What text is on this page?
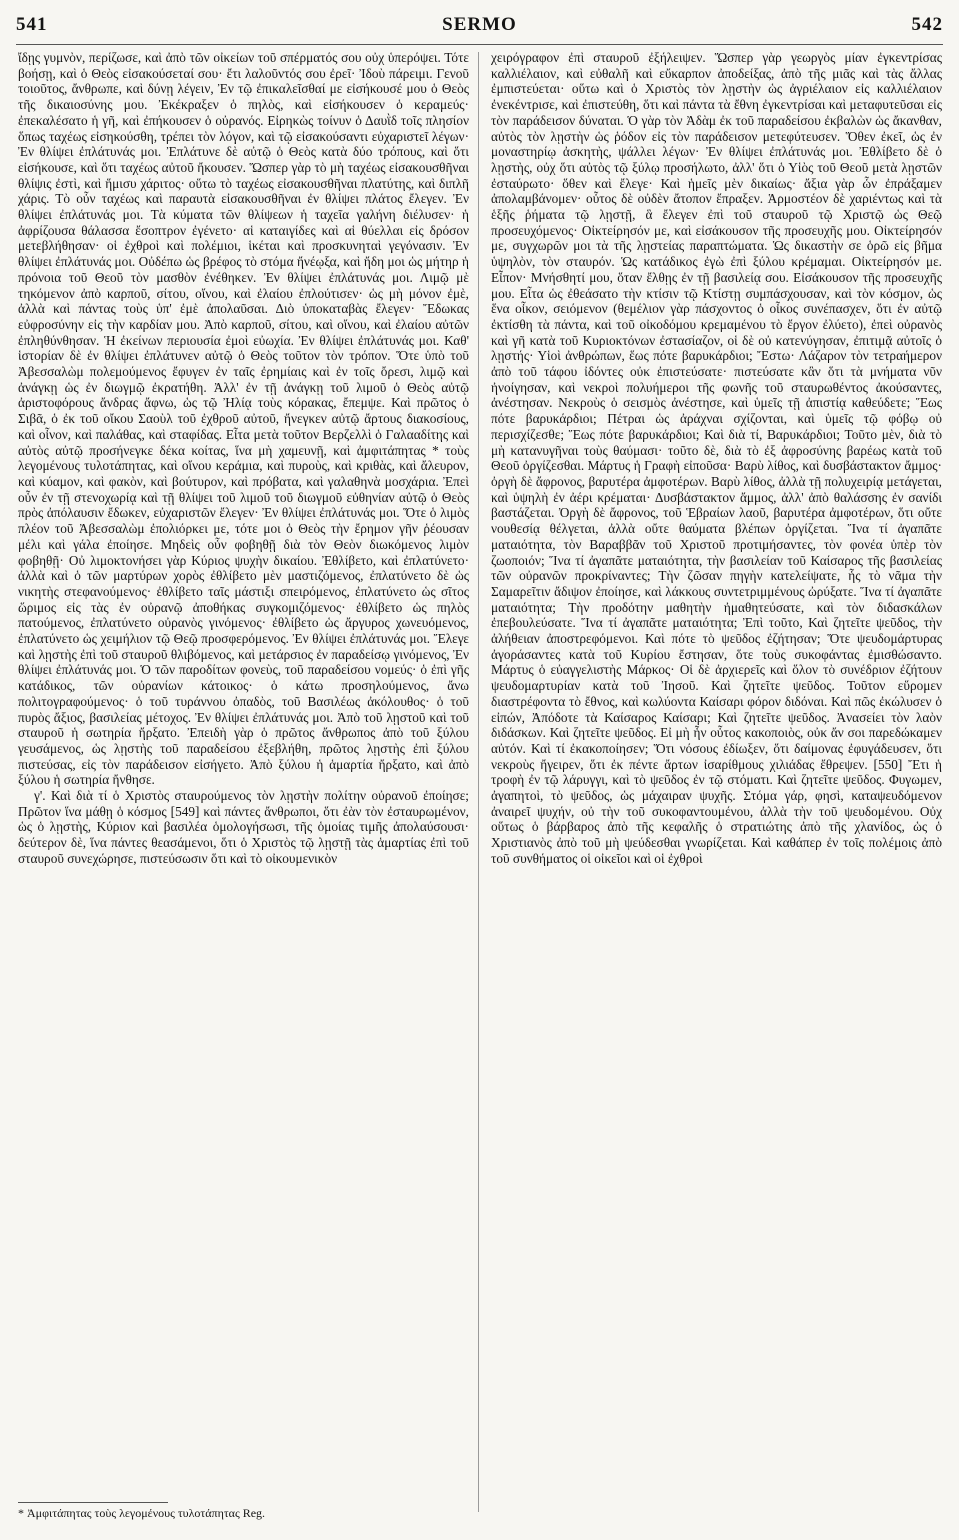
541	SERMO	542

ἴδῃς γυμνὸν, περίζωσε, καὶ ἀπὸ τῶν οἰκείων τοῦ σπέρματός σου οὐχ ὑπερόψει. Τότε βοήσῃ, καὶ ὁ Θεὸς εἰσακούσεταί σου· ἔτι λαλοῦντός σου ἐρεῖ· Ἰδοὺ πάρειμι. Γενοῦ τοιοῦτος, ἄνθρωπε, καὶ δύνῃ λέγειν, Ἐν τῷ ἐπικαλεῖσθαί με εἰσήκουσέ μου ὁ Θεὸς τῆς δικαιοσύνης μου. Ἐκέκραξεν ὁ πηλὸς, καὶ εἰσήκουσεν ὁ κεραμεύς· ἐπεκαλέσατο ἡ γῆ, καὶ ἐπήκουσεν ὁ οὐρανός. Εἰρηκὼς τοίνυν ὁ Δαυῒδ τοῖς πλησίον ὅπως ταχέως εἰσηκούσθη, τρέπει τὸν λόγον, καὶ τῷ εἰσακούσαντι εὐχαριστεῖ λέγων· Ἐν θλίψει ἐπλάτυνάς μοι. Ἐπλάτυνε δὲ αὐτῷ ὁ Θεὸς κατὰ δύο τρόπους, καὶ ὅτι εἰσήκουσε, καὶ ὅτι ταχέως αὐτοῦ ἤκουσεν. Ὥσπερ γὰρ τὸ μὴ ταχέως εἰσακουσθῆναι θλίψις ἐστὶ, καὶ ἥμισυ χάριτος· οὕτω τὸ ταχέως εἰσακουσθῆναι πλατύτης, καὶ διπλῆ χάρις. Τὸ οὖν ταχέως καὶ παραυτὰ εἰσακουσθῆναι ἐν θλίψει πλάτος ἔλεγεν. Ἐν θλίψει ἐπλάτυνάς μοι. Τὰ κύματα τῶν θλίψεων ἡ ταχεῖα γαλήνη διέλυσεν· ἡ ἀφρίζουσα θάλασσα ἔσοπτρον ἐγένετο· αἱ καταιγίδες καὶ αἱ θύελλαι εἰς δρόσον μετεβλήθησαν· οἱ ἐχθροὶ καὶ πολέμιοι, ἱκέται καὶ προσκυνηταὶ γεγόνασιν. Ἐν θλίψει ἐπλάτυνάς μοι. Οὐδέπω ὡς βρέφος τὸ στόμα ἤνέῳξα, καὶ ἤδη μοι ὡς μήτηρ ἡ πρόνοια τοῦ Θεοῦ τὸν μασθὸν ἐνέθηκεν. Ἐν θλίψει ἐπλάτυνάς μοι. Λιμῷ μὲ τηκόμενον ἀπὸ καρποῦ, σίτου, οἴνου, καὶ ἐλαίου ἐπλούτισεν· ὡς μὴ μόνον ἐμὲ, ἀλλὰ καὶ πάντας τοὺς ὑπ' ἐμὲ ἀπολαῦσαι. Διὸ ὑποκαταβὰς ἔλεγεν· Ἔδωκας εὐφροσύνην εἰς τὴν καρδίαν μου. Ἀπὸ καρποῦ, σίτου, καὶ οἴνου, καὶ ἐλαίου αὐτῶν ἐπληθύνθησαν. Ἡ ἐκείνων περιουσία ἐμοὶ εὐωχία. Ἐν θλίψει ἐπλάτυνάς μοι. Καθ' ἱστορίαν δὲ ἐν θλίψει ἐπλάτυνεν αὐτῷ ὁ Θεὸς τοῦτον τὸν τρόπον. Ὅτε ὑπὸ τοῦ Ἀβεσσαλὼμ πολεμούμενος ἔφυγεν ἐν ταῖς ἐρημίαις καὶ ἐν τοῖς ὄρεσι, λιμῷ καὶ ἀνάγκῃ ὡς ἐν διωγμῷ ἐκρατήθη. Ἀλλ' ἐν τῇ ἀνάγκῃ τοῦ λιμοῦ ὁ Θεὸς αὐτῷ ἀριστοφόρους ἄνδρας ἄφνω, ὡς τῷ Ἠλίᾳ τοὺς κόρακας, ἔπεμψε. Καὶ πρῶτος ὁ Σιβᾶ, ὁ ἐκ τοῦ οἴκου Σαοὺλ τοῦ ἐχθροῦ αὐτοῦ, ἤνεγκεν αὐτῷ ἄρτους διακοσίους, καὶ οἶνον, καὶ παλάθας, καὶ σταφίδας. Εἶτα μετὰ τοῦτον Βερζελλὶ ὁ Γαλααδίτης καὶ αὐτὸς αὐτῷ προσήνεγκε δέκα κοίτας, ἵνα μὴ χαμευνῇ, καὶ ἀμφιτάπητας * τοὺς λεγομένους τυλοτάπητας, καὶ οἴνου κεράμια, καὶ πυροὺς, καὶ κριθὰς, καὶ ἄλευρον, καὶ κύαμον, καὶ φακὸν, καὶ βούτυρον, καὶ πρόβατα, καὶ γαλαθηνὰ μοσχάρια. Ἐπεὶ οὖν ἐν τῇ στενοχωρίᾳ καὶ τῇ θλίψει τοῦ λιμοῦ τοῦ διωγμοῦ εὐθηνίαν αὐτῷ ὁ Θεὸς πρὸς ἀπόλαυσιν ἔδωκεν, εὐχαριστῶν ἔλεγεν· Ἐν θλίψει ἐπλάτυνάς μοι. Ὅτε ὁ λιμὸς πλέον τοῦ Ἀβεσσαλὼμ ἐπολιόρκει με, τότε μοι ὁ Θεὸς τὴν ἔρημον γῆν ῥέουσαν μέλι καὶ γάλα ἐποίησε. Μηδεὶς οὖν φοβηθῇ διὰ τὸν Θεὸν διωκόμενος λιμὸν φοβηθῇ· Οὐ λιμοκτονήσει γὰρ Κύριος ψυχὴν δικαίου. Ἐθλίβετο, καὶ ἐπλατύνετο· ἀλλὰ καὶ ὁ τῶν μαρτύρων χορὸς ἐθλίβετο μὲν μαστιζόμενος, ἐπλατύνετο δὲ ὡς νικητὴς στεφανούμενος· ἐθλίβετο ταῖς μάστιξι σπειρόμενος, ἐπλατύνετο ὡς σῖτος ὥριμος εἰς τὰς ἐν οὐρανῷ ἀποθήκας συγκομιζόμενος· ἐθλίβετο ὡς πηλὸς πατούμενος, ἐπλατύνετο οὐρανὸς γινόμενος· ἐθλίβετο ὡς ἄργυρος χωνευόμενος, ἐπλατύνετο ὡς χειμήλιον τῷ Θεῷ προσφερόμενος. Ἐν θλίψει ἐπλάτυνάς μοι. Ἔλεγε καὶ λῃστὴς ἐπὶ τοῦ σταυροῦ θλιβόμενος, καὶ μετάρσιος ἐν παραδείσῳ γινόμενος, Ἐν θλίψει ἐπλάτυνάς μοι. Ὁ τῶν παροδίτων φονεὺς, τοῦ παραδείσου νομεύς· ὁ ἐπὶ γῆς κατάδικος, τῶν οὐρανίων κάτοικος· ὁ κάτω προσηλούμενος, ἄνω πολιτογραφούμενος· ὁ τοῦ τυράννου ὀπαδὸς, τοῦ Βασιλέως ἀκόλουθος· ὁ τοῦ πυρὸς ἄξιος, βασιλείας μέτοχος. Ἐν θλίψει ἐπλάτυνάς μοι. Ἀπὸ τοῦ λῃστοῦ καὶ τοῦ σταυροῦ ἡ σωτηρία ἤρξατο. Ἐπειδὴ γὰρ ὁ πρῶτος ἄνθρωπος ἀπὸ τοῦ ξύλου γευσάμενος, ὡς λῃστὴς τοῦ παραδείσου ἐξεβλήθη, πρῶτος λῃστὴς ἐπὶ ξύλου πιστεύσας, εἰς τὸν παράδεισον εἰσήγετο. Ἀπὸ ξύλου ἡ ἁμαρτία ἤρξατο, καὶ ἀπὸ ξύλου ἡ σωτηρία ἤνθησε.

γ'. Καὶ διὰ τί ὁ Χριστὸς σταυρούμενος τὸν λῃστὴν πολίτην οὐρανοῦ ἐποίησε; Πρῶτον ἵνα μάθῃ ὁ κόσμος [549] καὶ πάντες ἄνθρωποι, ὅτι ἐὰν τὸν ἐσταυρωμένον, ὡς ὁ λῃστὴς, Κύριον καὶ βασιλέα ὁμολογήσωσι, τῆς ὁμοίας τιμῆς ἀπολαύσουσι· δεύτερον δὲ, ἵνα πάντες θεασάμενοι, ὅτι ὁ Χριστὸς τῷ λῃστῇ τὰς ἁμαρτίας ἐπὶ τοῦ σταυροῦ συνεχώρησε, πιστεύσωσιν ὅτι καὶ τὸ οἰκουμενικὸν

χειρόγραφον ἐπὶ σταυροῦ ἐξήλειψεν. Ὥσπερ γὰρ γεωργὸς μίαν ἐγκεντρίσας καλλιέλαιον, καὶ εὐθαλῆ καὶ εὔκαρπον ἀποδείξας, ἀπὸ τῆς μιᾶς καὶ τὰς ἄλλας ἐμπιστεύεται· οὕτω καὶ ὁ Χριστὸς τὸν λῃστὴν ὡς ἀγριέλαιον εἰς καλλιέλαιον ἐνεκέντρισε, καὶ ἐπιστεύθη, ὅτι καὶ πάντα τὰ ἔθνη ἐγκεντρίσαι καὶ μεταφυτεῦσαι εἰς τὸν παράδεισον δύναται. Ὁ γὰρ τὸν Ἀδὰμ ἐκ τοῦ παραδείσου ἐκβαλὼν ὡς ἄκανθαν, αὐτὸς τὸν λῃστὴν ὡς ῥόδον εἰς τὸν παράδεισον μετεφύτευσεν. Ὅθεν ἐκεῖ, ὡς ἐν μοναστηρίῳ ἀσκητὴς, ψάλλει λέγων· Ἐν θλίψει ἐπλάτυνάς μοι. Ἐθλίβετο δὲ ὁ λῃστὴς, οὐχ ὅτι αὐτὸς τῷ ξύλῳ προσήλωτο, ἀλλ' ὅτι ὁ Υἱὸς τοῦ Θεοῦ μετὰ λῃστῶν ἐσταύρωτο· ὅθεν καὶ ἔλεγε· Καὶ ἡμεῖς μὲν δικαίως· ἄξια γὰρ ὧν ἐπράξαμεν ἀπολαμβάνομεν· οὗτος δὲ οὐδὲν ἄτοπον ἔπραξεν. Ἁρμοστέον δὲ χαριέντως καὶ τὰ ἑξῆς ῥήματα τῷ λῃστῇ, ἃ ἔλεγεν ἐπὶ τοῦ σταυροῦ τῷ Χριστῷ ὡς Θεῷ προσευχόμενος· Οἰκτείρησόν με, καὶ εἰσάκουσον τῆς προσευχῆς μου. Οἰκτείρησόν με, συγχωρῶν μοι τὰ τῆς λῃστείας παραπτώματα. Ὡς δικαστὴν σε ὁρῶ εἰς βῆμα ὑψηλὸν, τὸν σταυρόν. Ὡς κατάδικος ἐγὼ ἐπὶ ξύλου κρέμαμαι. Οἰκτείρησόν με. Εἶπον· Μνήσθητί μου, ὅταν ἔλθῃς ἐν τῇ βασιλείᾳ σου. Εἰσάκουσον τῆς προσευχῆς μου. Εἶτα ὡς ἐθεάσατο τὴν κτίσιν τῷ Κτίστῃ συμπάσχουσαν, καὶ τὸν κόσμον, ὡς ἕνα οἶκον, σειόμενον (θεμέλιον γὰρ πάσχοντος ὁ οἶκος συνέπασχεν, ὅτι ἐν αὐτῷ ἐκτίσθη τὰ πάντα, καὶ τοῦ οἰκοδόμου κρεμαμένου τὸ ἔργον ἐλύετο), ἐπεὶ οὐρανὸς καὶ γῆ κατὰ τοῦ Κυριοκτόνων ἐστασίαζον, οἱ δὲ οὐ κατενύγησαν, ἐπιτιμᾷ αὐτοῖς ὁ λῃστής· Υἱοὶ ἀνθρώπων, ἕως πότε βαρυκάρδιοι; Ἔστω· Λάζαρον τὸν τετραήμερον ἀπὸ τοῦ τάφου ἰδόντες οὐκ ἐπιστεύσατε· πιστεύσατε κἂν ὅτι τὰ μνήματα νῦν ἠνοίγησαν, καὶ νεκροὶ πολυήμεροι τῆς φωνῆς τοῦ σταυρωθέντος ἀκούσαντες, ἀνέστησαν. Νεκροὺς ὁ σεισμὸς ἀνέστησε, καὶ ὑμεῖς τῇ ἀπιστίᾳ καθεύδετε; Ἕως πότε βαρυκάρδιοι; Πέτραι ὡς ἀράχναι σχίζονται, καὶ ὑμεῖς τῷ φόβῳ οὐ περισχίζεσθε; Ἕως πότε βαρυκάρδιοι; Καὶ διὰ τί, Βαρυκάρδιοι; Τοῦτο μὲν, διὰ τὸ μὴ κατανυγῆναι τοὺς θαύμασι· τοῦτο δὲ, διὰ τὸ ἐξ ἀφροσύνης βαρέως κατὰ τοῦ Θεοῦ ὀργίζεσθαι. Μάρτυς ἡ Γραφὴ εἰποῦσα· Βαρὺ λίθος, καὶ δυσβάστακτον ἄμμος· ὀργὴ δὲ ἄφρονος, βαρυτέρα ἀμφοτέρων. Βαρὺ λίθος, ἀλλὰ τῇ πολυχειρίᾳ μετάγεται, καὶ ὑψηλὴ ἐν ἀέρι κρέμαται· Δυσβάστακτον ἄμμος, ἀλλ' ἀπὸ θαλάσσης ἐν σανίδι βαστάζεται. Ὀργὴ δὲ ἄφρονος, τοῦ Ἑβραίων λαοῦ, βαρυτέρα ἀμφοτέρων, ὅτι οὔτε νουθεσίᾳ θέλγεται, ἀλλὰ οὔτε θαύματα βλέπων ὀργίζεται. Ἵνα τί ἀγαπᾶτε ματαιότητα, τὸν Βαραββᾶν τοῦ Χριστοῦ προτιμήσαντες, τὸν φονέα ὑπὲρ τὸν ζωοποιόν; Ἵνα τί ἀγαπᾶτε ματαιότητα, τὴν βασιλείαν τοῦ Καίσαρος τῆς βασιλείας τῶν οὐρανῶν προκρίναντες; Τὴν ζῶσαν πηγὴν κατελείψατε, ἧς τὸ νᾶμα τὴν Σαμαρεῖτιν ἄδιψον ἐποίησε, καὶ λάκκους συντετριμμένους ὠρύξατε. Ἵνα τί ἀγαπᾶτε ματαιότητα; Τὴν προδότην μαθητὴν ἠμαθητεύσατε, καὶ τὸν διδασκάλων ἐπεβουλεύσατε. Ἵνα τί ἀγαπᾶτε ματαιότητα; Ἐπὶ τοῦτο, Καὶ ζητεῖτε ψεῦδος, τὴν ἀλήθειαν ἀποστρεφόμενοι. Καὶ πότε τὸ ψεῦδος ἐζήτησαν; Ὅτε ψευδομάρτυρας ἀγοράσαντες κατὰ τοῦ Κυρίου ἔστησαν, ὅτε τοὺς συκοφάντας ἐμισθώσαντο. Μάρτυς ὁ εὐαγγελιστὴς Μάρκος· Οἱ δὲ ἀρχιερεῖς καὶ ὅλον τὸ συνέδριον ἐζήτουν ψευδομαρτυρίαν κατὰ τοῦ Ἰησοῦ. Καὶ ζητεῖτε ψεῦδος. Τοῦτον εὕρομεν διαστρέφοντα τὸ ἔθνος, καὶ κωλύοντα Καίσαρι φόρον διδόναι. Καὶ πῶς ἐκώλυσεν ὁ εἰπών, Ἀπόδοτε τὰ Καίσαρος Καίσαρι; Καὶ ζητεῖτε ψεῦδος. Ἀνασείει τὸν λαὸν διδάσκων. Καὶ ζητεῖτε ψεῦδος. Εἰ μὴ ἦν οὗτος κακοποιὸς, οὐκ ἄν σοι παρεδώκαμεν αὐτόν. Καὶ τί ἐκακοποίησεν; Ὅτι νόσους ἐδίωξεν, ὅτι δαίμονας ἐφυγάδευσεν, ὅτι νεκροὺς ἤγειρεν, ὅτι ἐκ πέντε ἄρτων ἰσαρίθμους χιλιάδας ἔθρεψεν. [550] Ἔτι ἡ τροφὴ ἐν τῷ λάρυγγι, καὶ τὸ ψεῦδος ἐν τῷ στόματι. Καὶ ζητεῖτε ψεῦδος. Φυγωμεν, ἀγαπητοὶ, τὸ ψεῦδος, ὡς μάχαιραν ψυχῆς. Στόμα γάρ, φησὶ, καταψευδόμενον ἀναιρεῖ ψυχήν, οὐ τὴν τοῦ συκοφαντουμένου, ἀλλὰ τὴν τοῦ ψευδομένου. Οὐχ οὕτως ὁ βάρβαρος ἀπὸ τῆς κεφαλῆς ὁ στρατιώτης ἀπὸ τῆς χλανίδος, ὡς ὁ Χριστιανὸς ἀπὸ τοῦ μὴ ψεύδεσθαι γνωρίζεται. Καὶ καθάπερ ἐν τοῖς πολέμοις ἀπὸ τοῦ συνθήματος οἱ οἰκεῖοι καὶ οἱ ἐχθροὶ

* Ἀμφιτάπητας τοὺς λεγομένους τυλοτάπητας Reg.
